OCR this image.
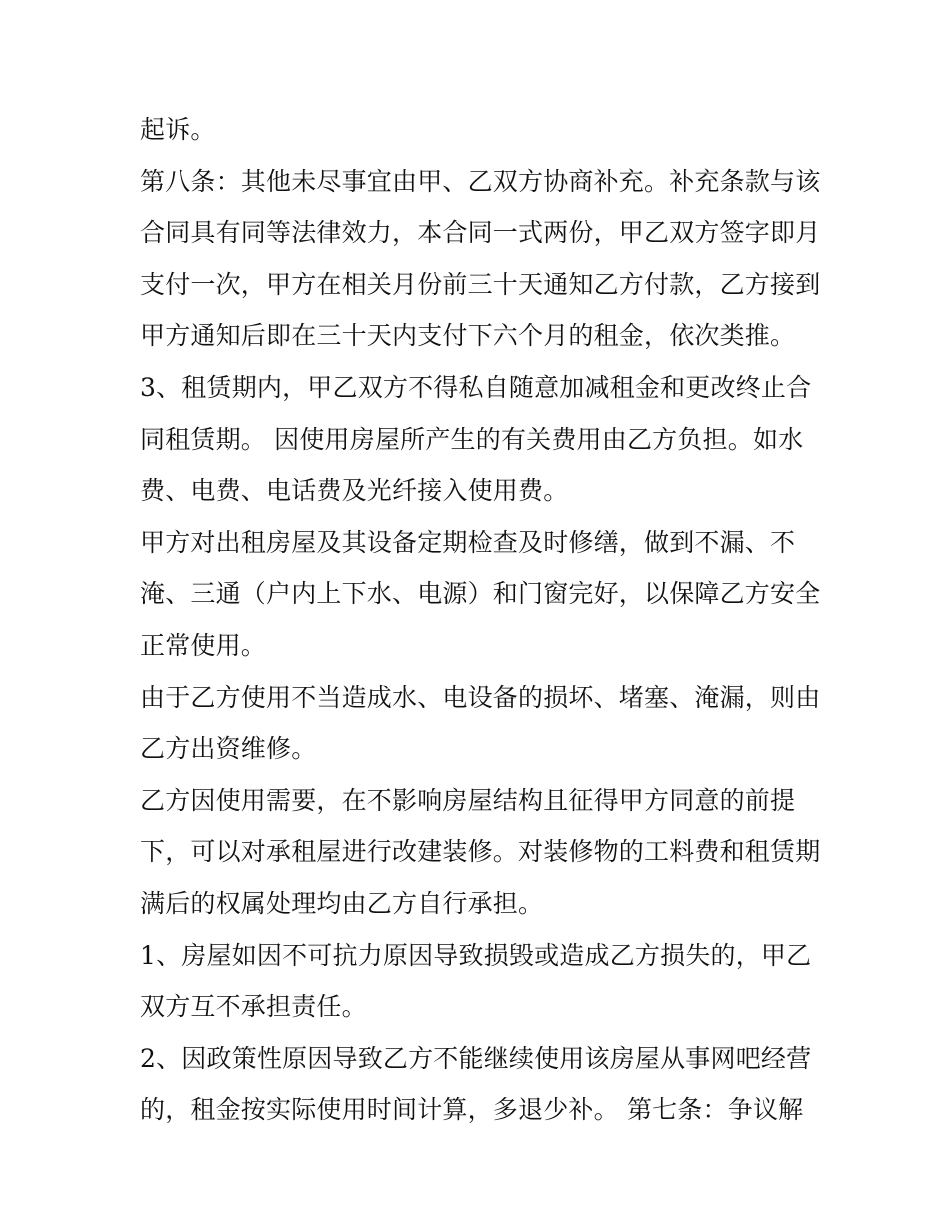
起诉。
第八条：其他未尽事宜由甲、乙双方协商补充。补充条款与该
合同具有同等法律效力，本合同一式两份，甲乙双方签字即月
支付一次，甲方在相关月份前三十天通知乙方付款，乙方接到
甲方通知后即在三十天内支付下六个月的租金，依次类推。
3、租赁期内，甲乙双方不得私自随意加减租金和更改终止合
同租赁期。 因使用房屋所产生的有关费用由乙方负担。如水
费、电费、电话费及光纤接入使用费。
甲方对出租房屋及其设备定期检查及时修缮，做到不漏、不
淹、三通（户内上下水、电源）和门窗完好，以保障乙方安全
正常使用。
由于乙方使用不当造成水、电设备的损坏、堵塞、淹漏，则由
乙方出资维修。
乙方因使用需要，在不影响房屋结构且征得甲方同意的前提
下，可以对承租屋进行改建装修。对装修物的工料费和租赁期
满后的权属处理均由乙方自行承担。
1、房屋如因不可抗力原因导致损毁或造成乙方损失的，甲乙
双方互不承担责任。
2、因政策性原因导致乙方不能继续使用该房屋从事网吧经营
的，租金按实际使用时间计算，多退少补。 第七条：争议解
